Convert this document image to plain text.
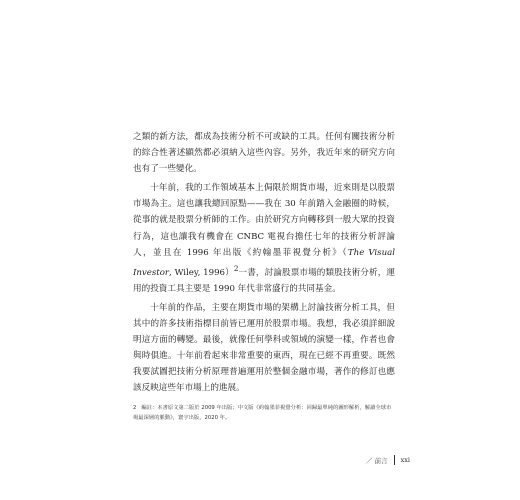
之類的新方法，都成為技術分析不可或缺的工具。任何有關技術分析的綜合性著述顯然都必須納入這些內容。另外，我近年來的研究方向也有了一些變化。

十年前，我的工作領域基本上侷限於期貨市場，近來則是以股票市場為主。這也讓我總回原點——我在 30 年前踏入金融圈的時候，從事的就是股票分析師的工作。由於研究方向轉移到一般大眾的投資行為，這也讓我有機會在 CNBC 電視台擔任七年的技術分析評論人，並且在 1996 年出版《約翰墨菲視覺分析》（The Visual Investor, Wiley, 1996）$^2$一書，討論股票市場的類股技術分析，運用的投資工具主要是 1990 年代非常盛行的共同基金。

十年前的作品，主要在期貨市場的架構上討論技術分析工具，但其中的許多技術指標目前皆已運用於股票市場。我想，我必須詳細說明這方面的轉變。最後，就像任何學科或領域的演變一樣，作者也會與時俱進。十年前看起來非常重要的東西，現在已經不再重要。既然我要試圖把技術分析原理普遍運用於整個金融市場，著作的修訂也應該反映這些年市場上的進展。

2 編註：本書原文第二版於 2009 年出版；中文版《約翰墨菲視覺分析：回歸最單純的圖形解析，解讀全球市場最深層的脈動》，寰宇出版，2020 年。
／ 前言 xxi
